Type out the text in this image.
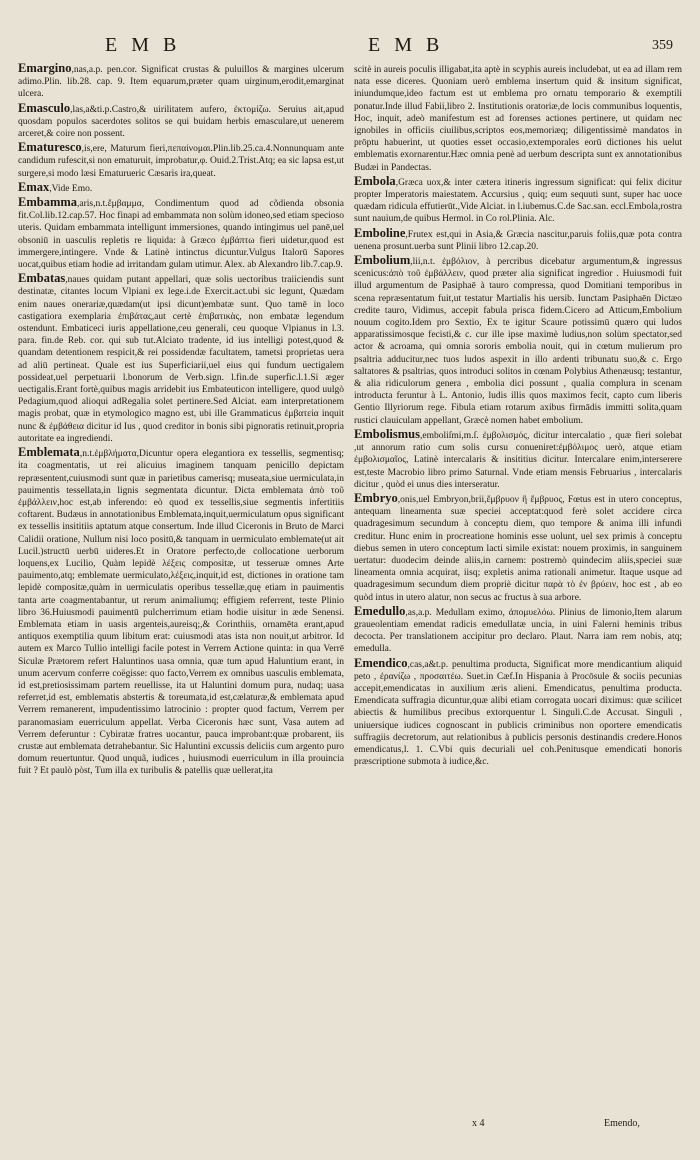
EMB	EMB	359

Emargino,nas,a.p. pen.cor. Significat crustas & puluillos & margines ulcerum adimo.Plin. lib.28. cap. 9. Item equarum,præter quam uirginum,erodit,emarginat ulcera.

Emasculo,las,a&ti.p.Castro,& uirilitatem aufero, ἐκτομίζω. Seruius ait,apud quosdam populos sacerdotes solitos se qui buidam herbis emasculare,ut uenerem arceret,& coire non possent.

Ematuresco,is,ere, Maturum fieri,πεπαίνομαι.Plin.lib.25.ca.4.Nonnunquam ante candidum rufescit,si non ematuruit, improbatur,φ. Ouid.2.Trist.Atq; ea sic lapsa est,ut surgere,si modo læsi Ematurueric Cæsaris ira,queat.

Emax,Vide Emo.

Embamma,aris,n.t.ἔμβαμμα, Condimentum quod ad cõdienda obsonia fit.Col.lib.12.cap.57. Hoc finapi ad embammata non solùm idoneo,sed etiam specioso uteris. Quidam embammata intelligunt immersiones, quando intingimus uel panē,uel obsoniū in uasculis repletis re liquida: à Græco ἐμβάπτω fieri uidetur,quod est immergere,intingere. Vnde & Latinè intinctus dicuntur.Vulgus Italorū Sapores uocat,quibus etiam hodie ad irritandam gulam utimur. Alex. ab Alexandro lib.7.cap.9.

Embatas,naues quidam putant appellari, quæ solis uectoribus traiiciendis sunt destinatæ, citantes locum Vlpiani ex lege.i.de Exercit.act.ubi sic legunt, Quædam enim naues onerariæ,quædam(ut ipsi dicunt)embatæ sunt. Quo tamē in loco castigatiora exemplaria ἐπιβάτας,aut certè ἐπιβατικὰς, non embatæ legendum ostendunt. Embaticeci iuris appellatione,ceu generali, ceu quoque Vlpianus in l.3. para. fin.de Reb. cor. qui sub tut.Alciato tradente, id ius intelligi potest,quod & quandam detentionem respicit,& rei possidendæ facultatem, tametsi proprietas uera ad aliū pertineat. Quale est ius Superficiarii,uel eius qui fundum uectigalem possideat,uel perpetuarii l.bonorum de Verb.sign. l.fin.de superfic.l.1.Si æger uectigalis.Erant fortè,quibus magis arridebit ius Embateuticon intelligere, quod uulgò Pedagium,quod alioqui adRegalia solet pertinere.Sed Alciat. eam interpretationem magis probat, quæ in etymologico magno est, ubi ille Grammaticus ἐμβατεία inquit nunc & ἐμβάθεια dicitur id Ius , quod creditor in bonis sibi pignoratis retinuit,propria autoritate ea ingrediendi.

Emblemata,n.t.ἐμβλήματα,Dicuntur opera elegantiora ex tessellis, segmentisq; ita coagmentatis, ut rei alicuius imaginem tanquam penicillo depictam repræsentent,cuiusmodi sunt quæ in parietibus camerisq; museata,siue uermiculata,in pauimentis tessellata,in lignis segmentata dicuntur. Dicta emblemata ἀπὸ τοῦ ἐμβάλλειν,hoc est,ab inferendo: eò quod ex tessellis,siue segmentis infertitiis coftarent. Budæus in annotationibus Emblemata,inquit,uermiculatum opus significant ex tessellis insititiis aptatum atque consertum. Inde illud Ciceronis in Bruto de Marci Calidii oratione, Nullum nisi loco positū,& tanquam in uermiculato emblemate(ut ait Lucil.)structū uerbū uideres.Et in Oratore perfecto,de collocatione uerborum loquens,ex Lucilio, Quàm lepidè λέξεις compositæ, ut tesseruæ omnes Arte pauimento,atq; emblemate uermiculato,λέξεις,inquit,id est, dictiones in oratione tam lepidè compositæ,quàm in uermiculatis operibus tessellæ,quę etiam in pauimentis tanta arte coagmentabantur, ut rerum animaliumq; effigiem referrent, teste Plinio libro 36.Huiusmodi pauimentū pulcherrimum etiam hodie uisitur in æde Senensi. Emblemata etiam in uasis argenteis,aureisq;,& Corinthiis, ornamēta erant,apud antiquos exemptilia quum libitum erat: cuiusmodi atas ista non nouit,ut arbitror. Id autem ex Marco Tullio intelligi facile potest in Verrem Actione quinta: in qua Verrē Siculæ Prætorem refert Haluntinos uasa omnia, quæ tum apud Haluntium erant, in unum acervum conferre coëgisse: quo facto,Verrem ex omnibus uasculis emblemata, id est,pretiosissimam partem reuellisse, ita ut Haluntini domum pura, nudaq; uasa referret,id est, emblematis abstertis & toreumata,id est,cælaturæ,& emblemata apud Verrem remanerent, impudentissimo latrocinio : propter quod factum, Verrem per paranomasiam euerriculum appellat. Verba Ciceronis hæc sunt, Vasa autem ad Verrem deferuntur : Cybiratæ fratres uocantur, pauca improbant:quæ probarent, iis crustæ aut emblemata detrahebantur. Sic Haluntini excussis deliciis cum argento puro domum reuertuntur. Quod unquã, iudices , huiusmodi euerriculum in illa prouincia fuit ? Et paulò pòst, Tum illa ex turibulis & patellis quæ uellerat,ita

scitè in aureis poculis illigabat,ita aptè in scyphis aureis includebat, ut ea ad illam rem nata esse diceres. Quoniam uerò emblema insertum quid & insitum significat, iniundumque,ideo factum est ut emblema pro ornatu temporario & exemptili ponatur.Inde illud Fabii,libro 2. Institutionis oratoriæ,de locis communibus loquentis, Hoc, inquit, adeò manifestum est ad forenses actiones pertinere, ut quidam nec ignobiles in officiis ciuilibus,scriptos eos,memoriæq; diligentissimè mandatos in prōptu habuerint, ut quoties esset occasio,extemporales eorū dictiones his uelut emblematis exornarentur.Hæc omnia penè ad uerbum descripta sunt ex annotationibus Budæi in Pandectas.

Embola,Græca uox,& inter cætera itineris ingressum significat: qui felix dicitur propter Imperatoris maiestatem. Accursius , quiq; eum sequuti sunt, super hac uoce quædam ridicula effutierūt.,Vide Alciat. in l.iubemus.C.de Sac.san. eccl.Embola,rostra sunt nauium,de quibus Hermol. in Co rol.Plinia. Alc.

Emboline,Frutex est,qui in Asia,& Græcia nascitur,paruis foliis,quæ pota contra uenena prosunt.uerba sunt Plinii libro 12.cap.20.

Embolium,lii,n.t. ἐμβόλιον, à percribus dicebatur argumentum,& ingressus scenicus:ἀπὸ τοῦ ἐμβάλλειν, quod præter alia significat ingredior . Huiusmodi fuit illud argumentum de Pasiphaē à tauro compressa, quod Domitiani temporibus in scena repræsentatum fuit,ut testatur Martialis his uersib. Iunctam Pasiphaēn Dictæo credite tauro, Vidimus, accepit fabula prisca fidem.Cicero ad Atticum,Embolium nouum cogito.Idem pro Sextio, Ex te igitur Scaure potissimū quæro qui ludos apparatissimosque fecisti,& c. cur ille ipse maximè ludius,non solùm spectator,sed actor & acroama, qui omnia sororis embolia nouit, qui in cœtum mulierum pro psaltria adducitur,nec tuos ludos aspexit in illo ardenti tribunatu suo,& c. Ergo saltatores & psaltrias, quos introduci solitos in cœnam Polybius Athenæusq; testantur, & alia ridiculorum genera , embolia dici possunt , qualia complura in scenam introducta feruntur à L. Antonio, ludis illis quos maximos fecit, capto cum liberis Gentio Illyriorum rege. Fibula etiam rotarum axibus firmādis immitti solita,quam rustici clauiculam appellant, Græcè nomen habet embolium.

Embolismus,emboliſmi,m.ſ. ἐμβολισμός, dicitur intercalatio , quæ fieri solebat ,ut annorum ratio cum solis cursu conueniret:ἐμβόλιμος uerò, atque etiam ἐμβολισμαῖος, Latinè intercalaris & insititius dicitur. Intercalare enim,interserere est,teste Macrobio libro primo Saturnal. Vnde etiam mensis Februarius , intercalaris dicitur , quòd ei unus dies interseratur.

Embryo,onis,uel Embryon,brii,ἔμβρυον ἢ ἔμβρυος, Fœtus est in utero conceptus, antequam lineamenta suæ speciei acceptat:quod ferè solet accidere circa quadragesimum secundum à conceptu diem, quo tempore & anima illi infundi creditur. Hunc enim in procreatione hominis esse uolunt, uel sex primis à conceptu diebus semen in utero conceptum lacti simile existat: nouem proximis, in sanguinem uertatur: duodecim deinde aliis,in carnem: postremò quindecim aliis,speciei suæ lineamenta omnia acquirat, iisq; expletis anima rationali animetur. Itaque usque ad quadragesimum secundum diem propriè dicitur παρὰ τὸ ἐν βρύειν, hoc est , ab eo quòd intus in utero alatur, non secus ac fructus à sua arbore.

Emedullo,as,a.p. Medullam eximo, ἀπομυελόω. Plinius de limonio,Item alarum graueolentiam emendat radicis emedullatæ uncia, in uini Falerni heminis tribus decocta. Per translationem accipitur pro declaro. Plaut. Narra iam rem nobis, atq; emedulla.

Emendico,cas,a&t.p. penultima producta, Significat more mendicantium aliquid peto , ἐρανίζω , προσαιτέω. Suet.in Cæf.In Hispania à Procōsule & sociis pecunias accepit,emendicatas in auxilium æris alieni. Emendicatus, penultima producta. Emendicata suffragia dicuntur,quæ alibi etiam corrogata uocari diximus: quæ scilicet abiectis & humilibus precibus extorquentur l. Singuli.C.de Accusat. Singuli , uniuersique iudices cognoscant in publicis criminibus non oportere emendicatis suffragiis decretorum, aut relationibus à publicis personis destinandis credere.Honos emendicatus,l. 1. C.Vbi quis decuriali uel coh.Penitusque emendicati honoris præscriptione submota à iudice,&c.

x 4	Emendo,
